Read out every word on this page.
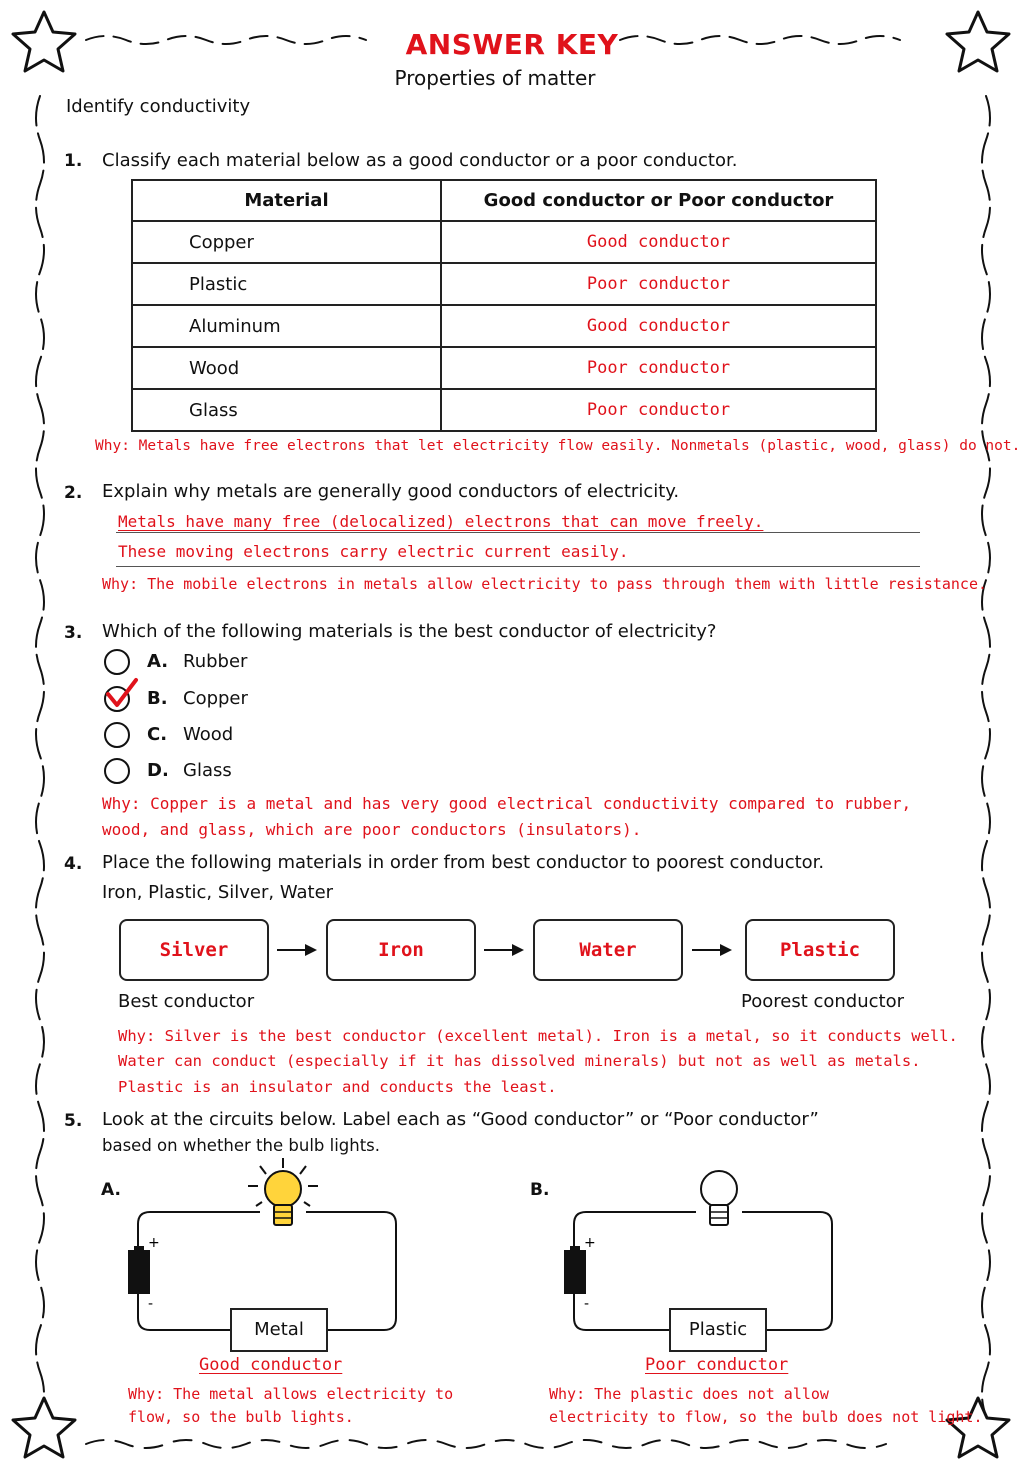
ANSWER KEY
Properties of matter
Identify conductivity
1. Classify each material below as a good conductor or a poor conductor.
Material	Good conductor or Poor conductor
Copper	Good conductor
Plastic	Poor conductor
Aluminum	Good conductor
Wood	Poor conductor
Glass	Poor conductor
Why: Metals have free electrons that let electricity flow easily. Nonmetals (plastic, wood, glass) do not.
2. Explain why metals are generally good conductors of electricity.
Metals have many free (delocalized) electrons that can move freely.
These moving electrons carry electric current easily.
Why: The mobile electrons in metals allow electricity to pass through them with little resistance.
3. Which of the following materials is the best conductor of electricity?
A. Rubber
B. Copper
C. Wood
D. Glass
Why: Copper is a metal and has very good electrical conductivity compared to rubber,
wood, and glass, which are poor conductors (insulators).
4. Place the following materials in order from best conductor to poorest conductor.
Iron, Plastic, Silver, Water
Silver	Iron	Water	Plastic
Best conductor	Poorest conductor
Why: Silver is the best conductor (excellent metal). Iron is a metal, so it conducts well.
Water can conduct (especially if it has dissolved minerals) but not as well as metals.
Plastic is an insulator and conducts the least.
5. Look at the circuits below. Label each as “Good conductor” or “Poor conductor”
based on whether the bulb lights.
A.
+
-
Metal
Good conductor
Why: The metal allows electricity to
flow, so the bulb lights.
B.
+
-
Plastic
Poor conductor
Why: The plastic does not allow
electricity to flow, so the bulb does not light.
